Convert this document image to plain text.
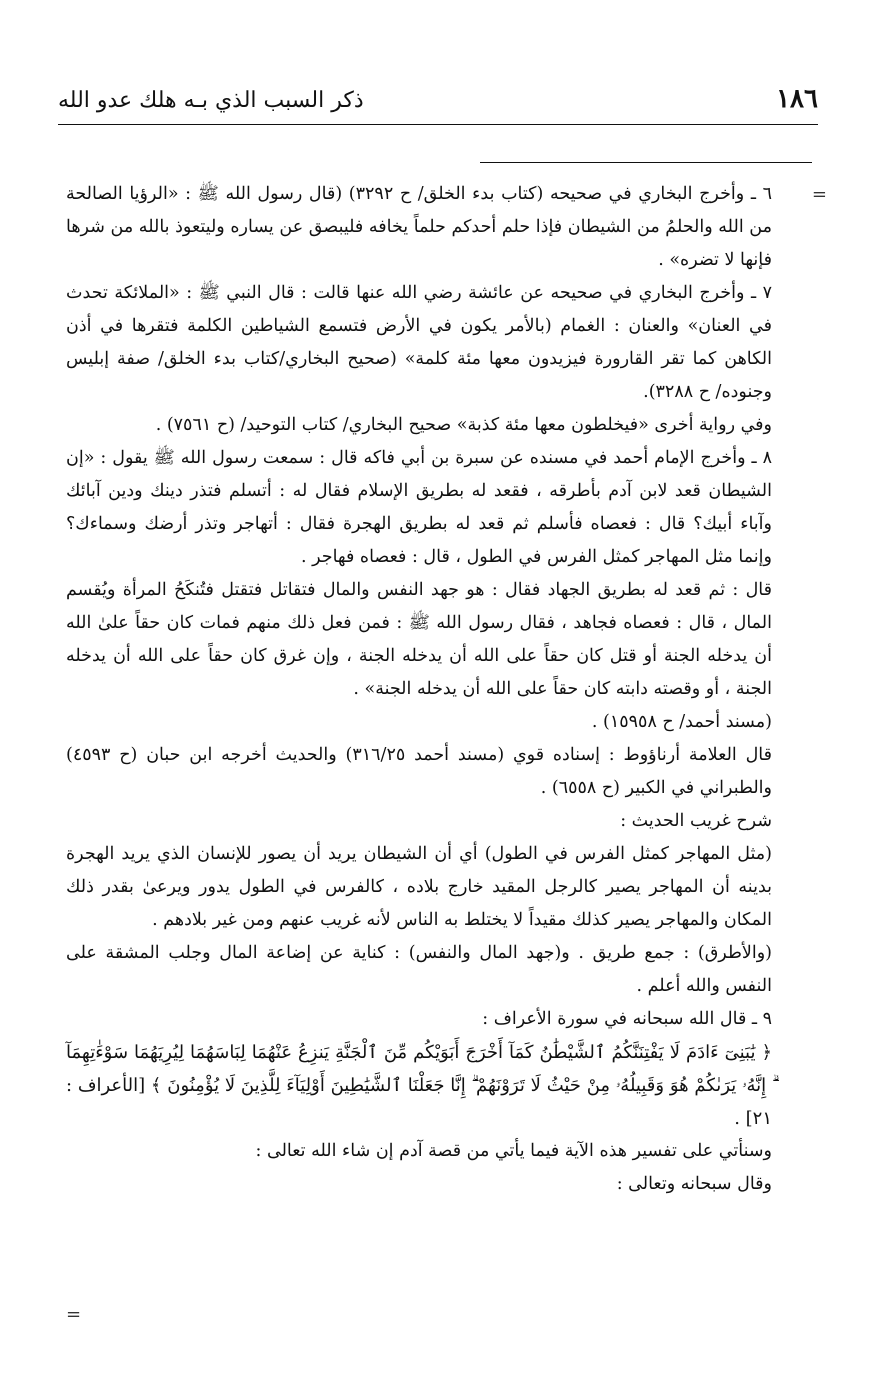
١٨٦
ذكر السبب الذي بـه هلك عدو الله
=

٦ ـ وأخرج البخاري في صحيحه (كتاب بدء الخلق/ ح ٣٢٩٢) (قال رسول الله ﷺ : «الرؤيا الصالحة من الله والحلمُ من الشيطان فإذا حلم أحدكم حلماً يخافه فليبصق عن يساره وليتعوذ بالله من شرها فإنها لا تضره» .

٧ ـ وأخرج البخاري في صحيحه عن عائشة رضي الله عنها قالت : قال النبي ﷺ : «الملائكة تحدث في العنان» والعنان : الغمام (بالأمر يكون في الأرض فتسمع الشياطين الكلمة فتقرها في أذن الكاهن كما تقر القارورة فيزيدون معها مئة كلمة» (صحيح البخاري/كتاب بدء الخلق/ صفة إبليس وجنوده/ ح ٣٢٨٨).

وفي رواية أخرى «فيخلطون معها مئة كذبة» صحيح البخاري/ كتاب التوحيد/ (ح ٧٥٦١) .

٨ ـ وأخرج الإمام أحمد في مسنده عن سبرة بن أبي فاكه قال : سمعت رسول الله ﷺ يقول : «إن الشيطان قعد لابن آدم بأطرقه ، فقعد له بطريق الإسلام فقال له : أتسلم فتذر دينك ودين آبائك وآباء أبيك؟ قال : فعصاه فأسلم ثم قعد له بطريق الهجرة فقال : أتهاجر وتذر أرضك وسماءك؟ وإنما مثل المهاجر كمثل الفرس في الطول ، قال : فعصاه فهاجر .

قال : ثم قعد له بطريق الجهاد فقال : هو جهد النفس والمال فتقاتل فتقتل فتُنكَحُ المرأة ويُقسم المال ، قال : فعصاه فجاهد ، فقال رسول الله ﷺ : فمن فعل ذلك منهم فمات كان حقاً علىٰ الله أن يدخله الجنة أو قتل كان حقاً على الله أن يدخله الجنة ، وإن غرق كان حقاً على الله أن يدخله الجنة ، أو وقصته دابته كان حقاً على الله أن يدخله الجنة» .

(مسند أحمد/ ح ١٥٩٥٨) .

قال العلامة أرناؤوط : إسناده قوي (مسند أحمد ٣١٦/٢٥) والحديث أخرجه ابن حبان (ح ٤٥٩٣) والطبراني في الكبير (ح ٦٥٥٨) .

شرح غريب الحديث :

(مثل المهاجر كمثل الفرس في الطول) أي أن الشيطان يريد أن يصور للإنسان الذي يريد الهجرة بدينه أن المهاجر يصير كالرجل المقيد خارج بلاده ، كالفرس في الطول يدور ويرعىٰ بقدر ذلك المكان والمهاجر يصير كذلك مقيداً لا يختلط به الناس لأنه غريب عنهم ومن غير بلادهم .

(والأطرق) : جمع طريق . و(جهد المال والنفس) : كناية عن إضاعة المال وجلب المشقة على النفس والله أعلم .

٩ ـ قال الله سبحانه في سورة الأعراف :

﴿ يَٰبَنِىٓ ءَادَمَ لَا يَفْتِنَنَّكُمُ ٱلشَّيْطَٰنُ كَمَآ أَخْرَجَ أَبَوَيْكُم مِّنَ ٱلْجَنَّةِ يَنزِعُ عَنْهُمَا لِبَاسَهُمَا لِيُرِيَهُمَا سَوْءَٰتِهِمَآ ۗ إِنَّهُۥ يَرَىٰكُمْ هُوَ وَقَبِيلُهُۥ مِنْ حَيْثُ لَا تَرَوْنَهُمْ ۗ إِنَّا جَعَلْنَا ٱلشَّيَٰطِينَ أَوْلِيَآءَ لِلَّذِينَ لَا يُؤْمِنُونَ ﴾ [الأعراف : ٢١] .

وسنأتي على تفسير هذه الآية فيما يأتي من قصة آدم إن شاء الله تعالى :

وقال سبحانه وتعالى :

=
